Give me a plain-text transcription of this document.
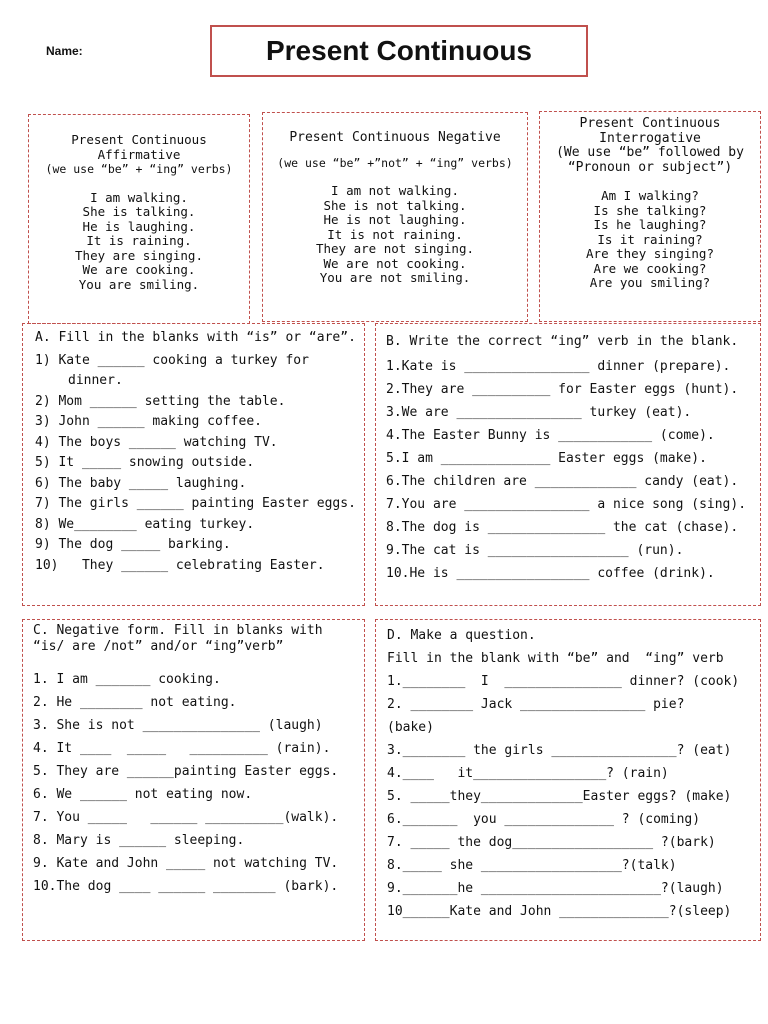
Name:	Present Continuous
Present Continuous
Affirmative
(we use “be” + “ing” verbs)
I am walking.
She is talking.
He is laughing.
It is raining.
They are singing.
We are cooking.
You are smiling.
Present Continuous Negative
(we use “be” +”not” + “ing” verbs)
I am not walking.
She is not talking.
He is not laughing.
It is not raining.
They are not singing.
We are not cooking.
You are not smiling.
Present Continuous
Interrogative
(We use “be” followed by
“Pronoun or subject”)
Am I walking?
Is she talking?
Is he laughing?
Is it raining?
Are they singing?
Are we cooking?
Are you smiling?
A. Fill in the blanks with “is” or “are”.
1) Kate ______ cooking a turkey for
dinner.
2) Mom ______ setting the table.
3) John ______ making coffee.
4) The boys ______ watching TV.
5) It _____ snowing outside.
6) The baby _____ laughing.
7) The girls ______ painting Easter eggs.
8) We________ eating turkey.
9) The dog _____ barking.
10)   They ______ celebrating Easter.
B. Write the correct “ing” verb in the blank.
1.Kate is ________________ dinner (prepare).
2.They are __________ for Easter eggs (hunt).
3.We are ________________ turkey (eat).
4.The Easter Bunny is ____________ (come).
5.I am ______________ Easter eggs (make).
6.The children are _____________ candy (eat).
7.You are ________________ a nice song (sing).
8.The dog is _______________ the cat (chase).
9.The cat is __________________ (run).
10.He is _________________ coffee (drink).
C. Negative form. Fill in blanks with
“is/ are /not” and/or “ing”verb”
1. I am _______ cooking.
2. He ________ not eating.
3. She is not _______________ (laugh)
4. It ____  _____   __________ (rain).
5. They are ______painting Easter eggs.
6. We ______ not eating now.
7. You _____   ______ __________(walk).
8. Mary is ______ sleeping.
9. Kate and John _____ not watching TV.
10.The dog ____ ______ ________ (bark).
D. Make a question.
Fill in the blank with “be” and  “ing” verb
1.________  I  _______________ dinner? (cook)
2. ________ Jack ________________ pie?
(bake)
3.________ the girls ________________? (eat)
4.____   it_________________? (rain)
5. _____they_____________Easter eggs? (make)
6._______  you ______________ ? (coming)
7. _____ the dog__________________ ?(bark)
8._____ she __________________?(talk)
9._______he _______________________?(laugh)
10______Kate and John ______________?(sleep)
